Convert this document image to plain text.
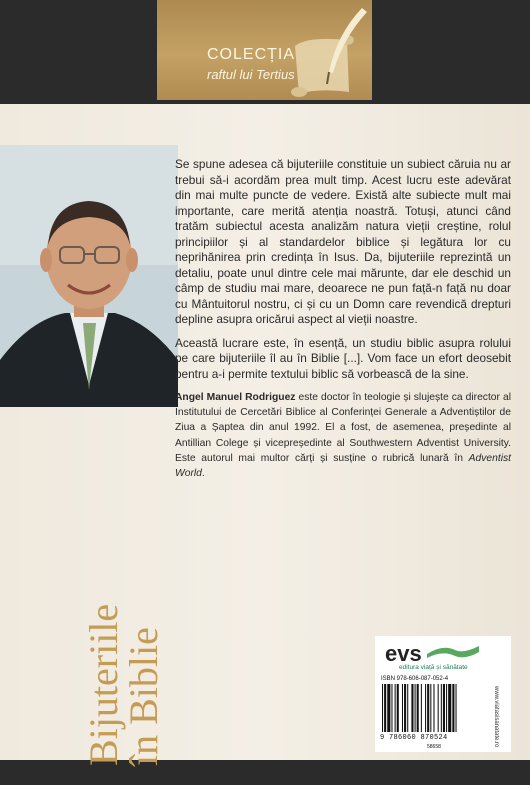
COLECȚIA
raftul lui Tertius
Bijuteriile
în Biblie

Se spune adesea că bijuteriile constituie un subiect căruia nu ar trebui să-i acordăm prea mult timp. Acest lucru este adevărat din mai multe puncte de vedere. Există alte subiecte mult mai importante, care merită atenția noastră. Totuși, atunci când tratăm subiectul acesta analizăm natura vieții creștine, rolul principiilor și al standardelor biblice și legătura lor cu neprihănirea prin credința în Isus. Da, bijuteriile reprezintă un detaliu, poate unul dintre cele mai mărunte, dar ele deschid un câmp de studiu mai mare, deoarece ne pun față-n față nu doar cu Mântuitorul nostru, ci și cu un Domn care revendică drepturi depline asupra oricărui aspect al vieții noastre.

Această lucrare este, în esență, un studiu biblic asupra rolului pe care bijuteriile îl au în Biblie [...]. Vom face un efort deosebit pentru a-i permite textului biblic să vorbească de la sine.

Angel Manuel Rodriguez este doctor în teologie și slujește ca director al Institutului de Cercetări Biblice al Conferinței Generale a Adventiștilor de Ziua a Șaptea din anul 1992. El a fost, de asemenea, președinte al Antillian Colege și vicepreședinte al Southwestern Adventist University. Este autorul mai multor cărți și susține o rubrică lunară în Adventist World.

evs
editura viață și sănătate
ISBN 978-606-087-052-4
9 786060 870524
58658	www.viatasisanatate.ro
